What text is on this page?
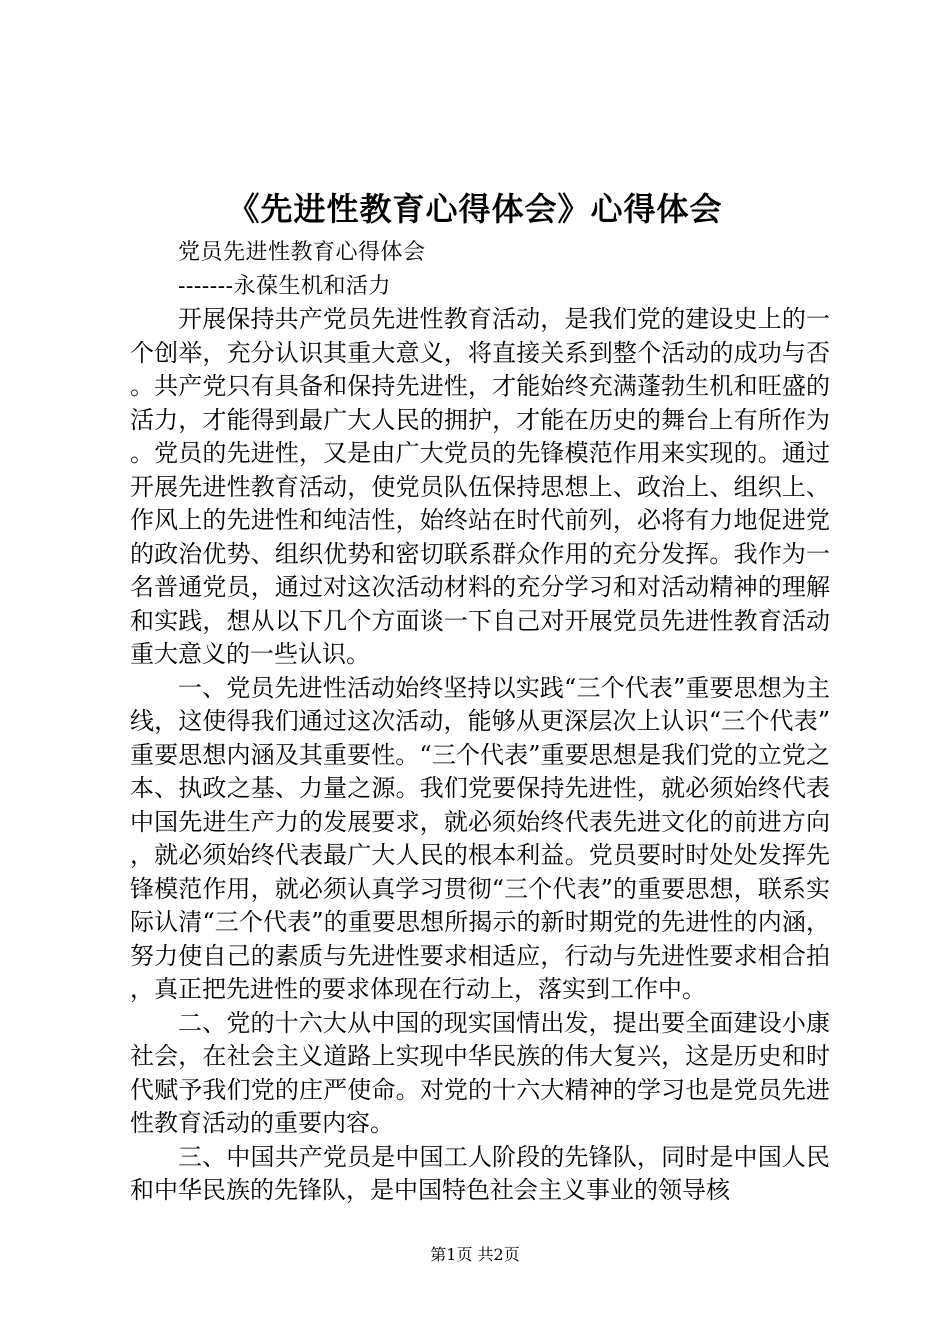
《先进性教育心得体会》心得体会

党员先进性教育心得体会

-------永葆生机和活力

开展保持共产党员先进性教育活动，是我们党的建设史上的一个创举，充分认识其重大意义，将直接关系到整个活动的成功与否。共产党只有具备和保持先进性，才能始终充满蓬勃生机和旺盛的活力，才能得到最广大人民的拥护，才能在历史的舞台上有所作为。党员的先进性，又是由广大党员的先锋模范作用来实现的。通过开展先进性教育活动，使党员队伍保持思想上、政治上、组织上、作风上的先进性和纯洁性，始终站在时代前列，必将有力地促进党的政治优势、组织优势和密切联系群众作用的充分发挥。我作为一名普通党员，通过对这次活动材料的充分学习和对活动精神的理解和实践，想从以下几个方面谈一下自己对开展党员先进性教育活动重大意义的一些认识。

一、党员先进性活动始终坚持以实践“三个代表”重要思想为主线，这使得我们通过这次活动，能够从更深层次上认识“三个代表”重要思想内涵及其重要性。“三个代表”重要思想是我们党的立党之本、执政之基、力量之源。我们党要保持先进性，就必须始终代表中国先进生产力的发展要求，就必须始终代表先进文化的前进方向，就必须始终代表最广大人民的根本利益。党员要时时处处发挥先锋模范作用，就必须认真学习贯彻“三个代表”的重要思想，联系实际认清“三个代表”的重要思想所揭示的新时期党的先进性的内涵，努力使自己的素质与先进性要求相适应，行动与先进性要求相合拍，真正把先进性的要求体现在行动上，落实到工作中。

二、党的十六大从中国的现实国情出发，提出要全面建设小康社会，在社会主义道路上实现中华民族的伟大复兴，这是历史和时代赋予我们党的庄严使命。对党的十六大精神的学习也是党员先进性教育活动的重要内容。

三、中国共产党员是中国工人阶段的先锋队，同时是中国人民和中华民族的先锋队，是中国特色社会主义事业的领导核

第1页 共2页
